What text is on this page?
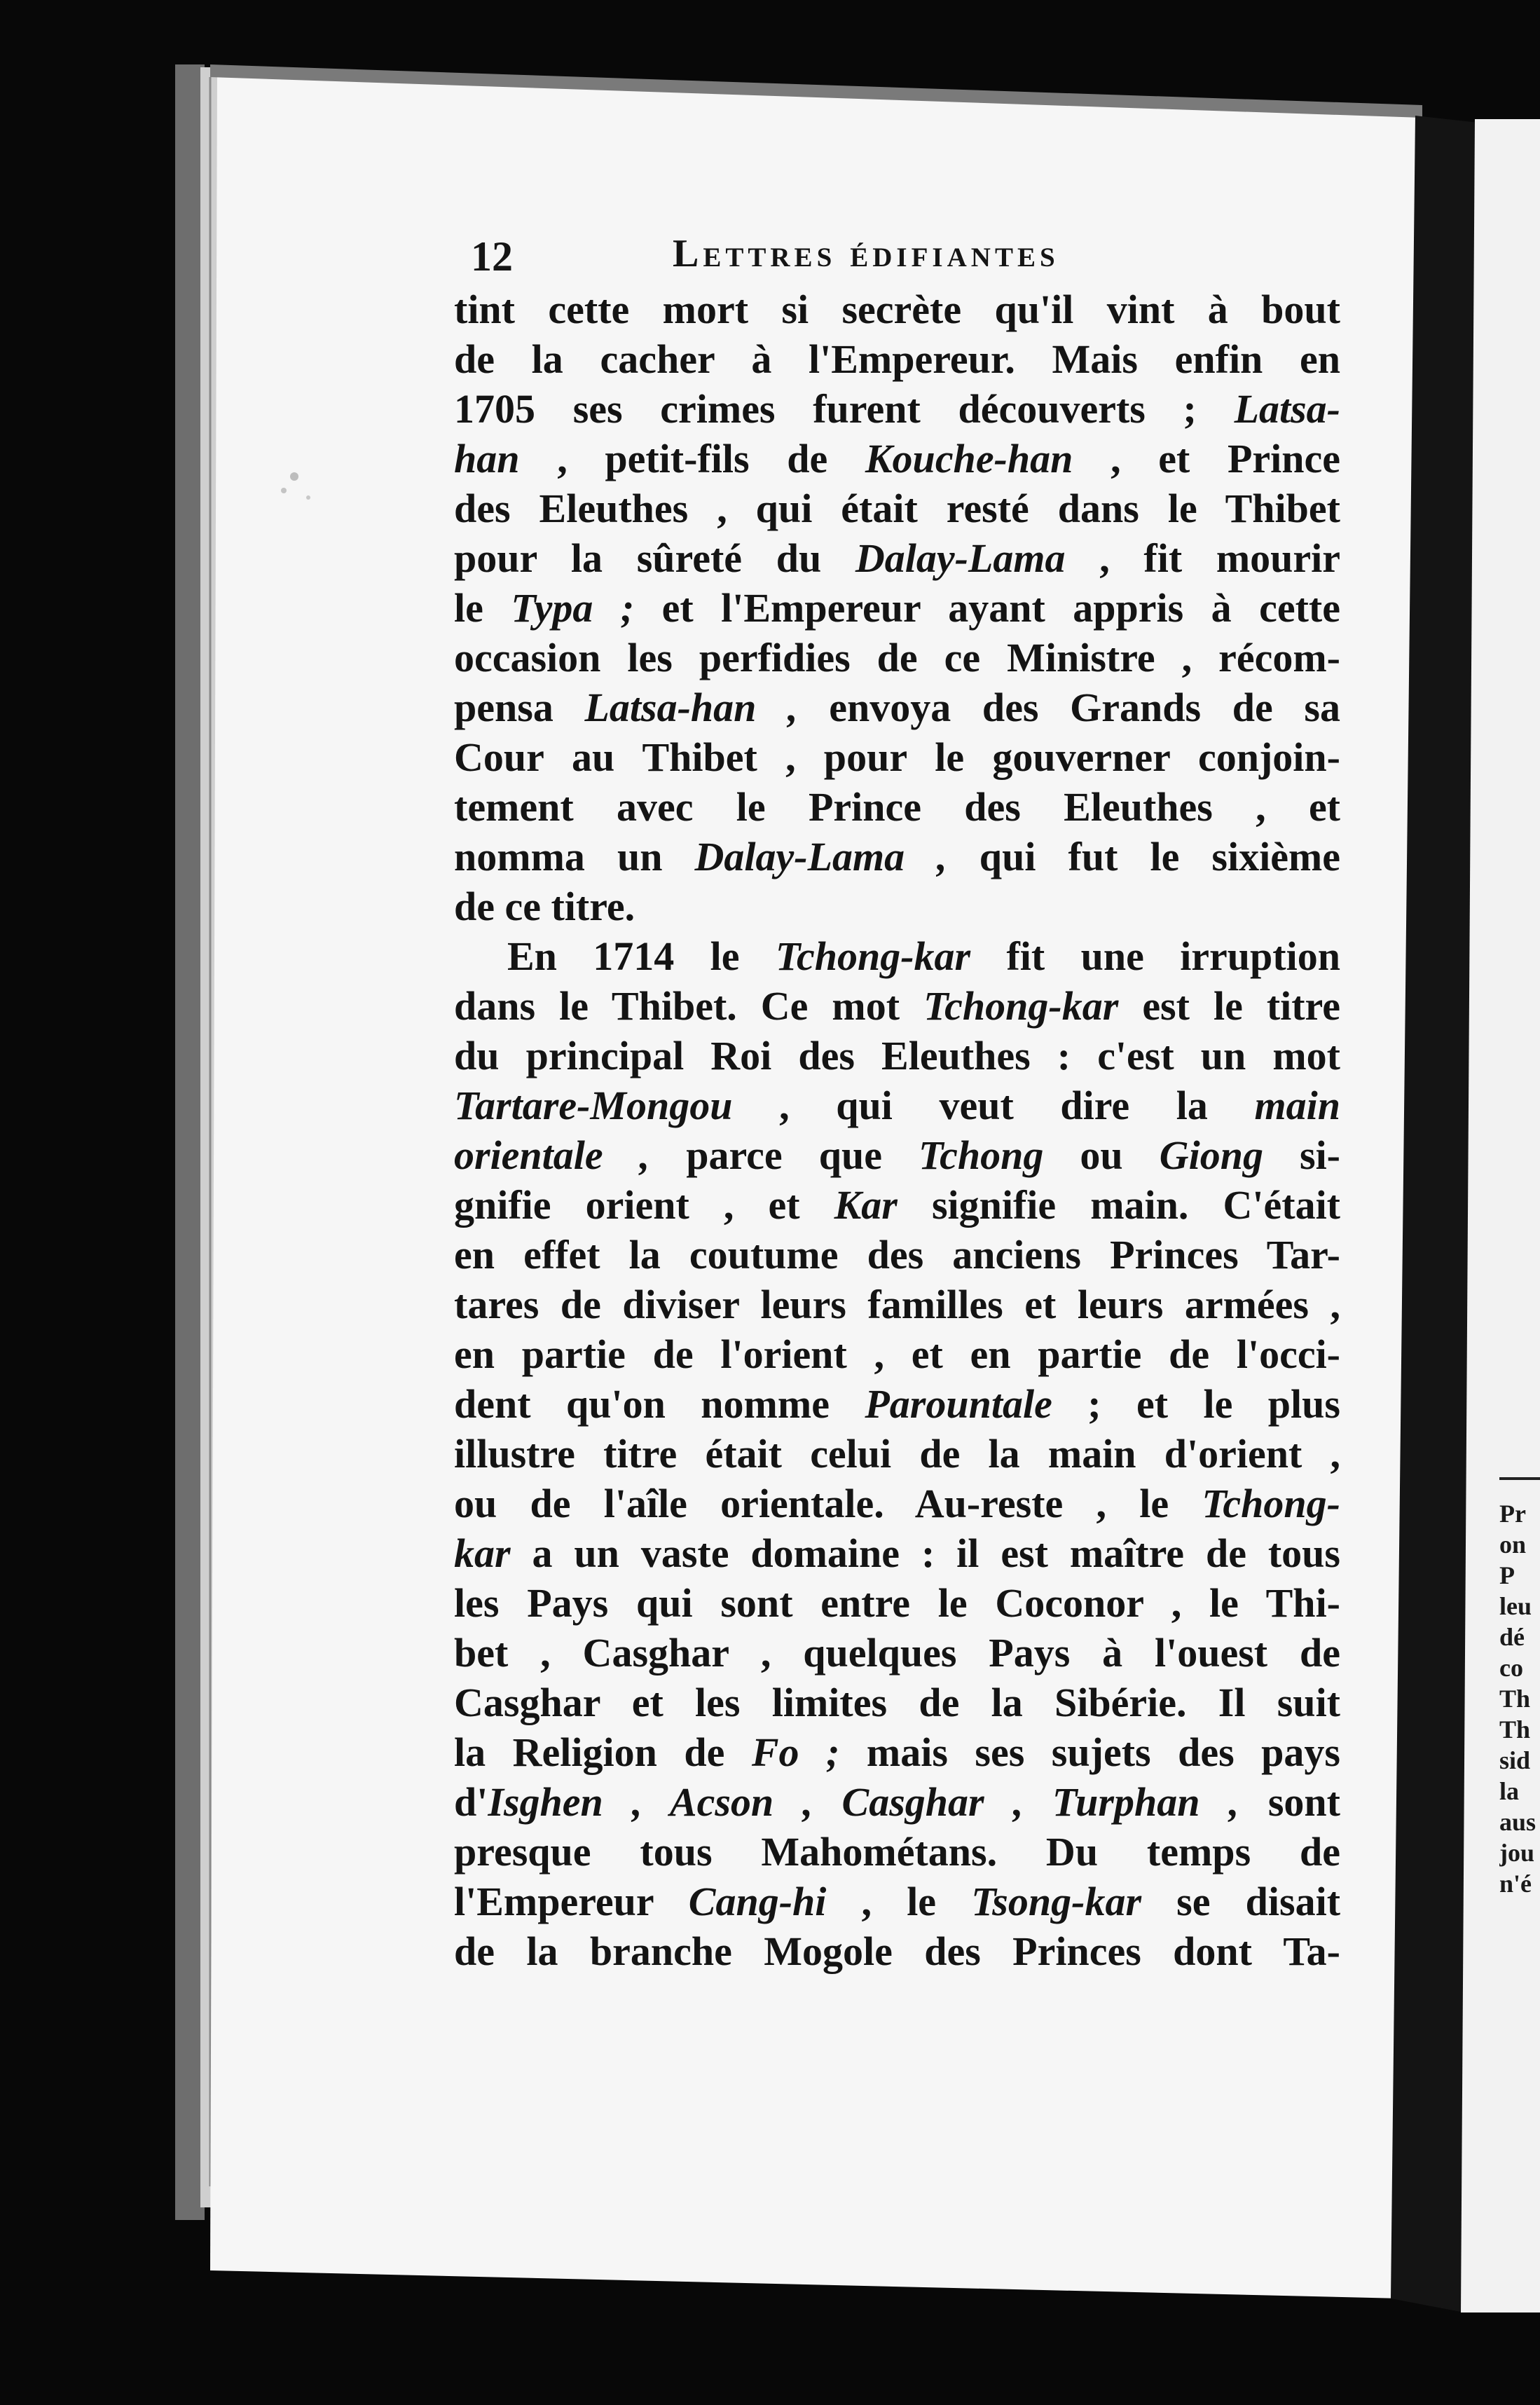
12	Lettres édifiantes
tint cette mort si secrète qu'il vint à bout
de la cacher à l'Empereur. Mais enfin en
1705 ses crimes furent découverts ; Latsa-
han , petit-fils de Kouche-han , et Prince
des Eleuthes , qui était resté dans le Thibet
pour la sûreté du Dalay-Lama , fit mourir
le Typa ; et l'Empereur ayant appris à cette
occasion les perfidies de ce Ministre , récom-
pensa Latsa-han , envoya des Grands de sa
Cour au Thibet , pour le gouverner conjoin-
tement avec le Prince des Eleuthes , et
nomma un Dalay-Lama , qui fut le sixième
de ce titre.
En 1714 le Tchong-kar fit une irruption
dans le Thibet. Ce mot Tchong-kar est le titre
du principal Roi des Eleuthes : c'est un mot
Tartare-Mongou , qui veut dire la main
orientale , parce que Tchong ou Giong si-
gnifie orient , et Kar signifie main. C'était
en effet la coutume des anciens Princes Tar-
tares de diviser leurs familles et leurs armées ,
en partie de l'orient , et en partie de l'occi-
dent qu'on nomme Parountale ; et le plus
illustre titre était celui de la main d'orient ,
ou de l'aîle orientale. Au-reste , le Tchong-
kar a un vaste domaine : il est maître de tous
les Pays qui sont entre le Coconor , le Thi-
bet , Casghar , quelques Pays à l'ouest de
Casghar et les limites de la Sibérie. Il suit
la Religion de Fo ; mais ses sujets des pays
d'Isghen , Acson , Casghar , Turphan , sont
presque tous Mahométans. Du temps de
l'Empereur Cang-hi , le Tsong-kar se disait
de la branche Mogole des Princes dont Ta-
Pr
on
P
leu
dé
co
Th
Th
sid
la
aus
jou
n'é
